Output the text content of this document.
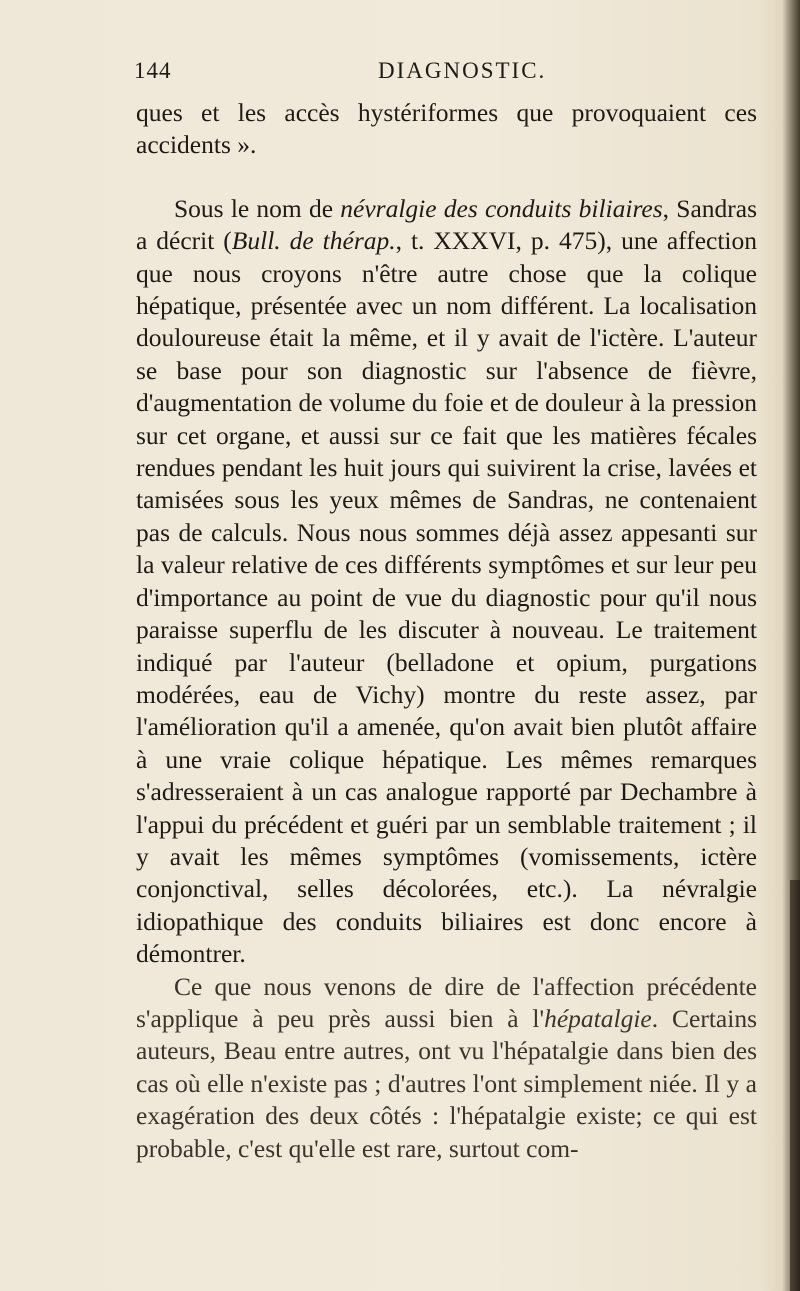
144	DIAGNOSTIC.

ques et les accès hystériformes que provoquaient ces accidents ».

Sous le nom de névralgie des conduits biliaires, Sandras a décrit (Bull. de thérap., t. XXXVI, p. 475), une affection que nous croyons n'être autre chose que la colique hépatique, présentée avec un nom différent. La localisation douloureuse était la même, et il y avait de l'ictère. L'auteur se base pour son diagnostic sur l'absence de fièvre, d'augmentation de volume du foie et de douleur à la pression sur cet organe, et aussi sur ce fait que les matières fécales rendues pendant les huit jours qui suivirent la crise, lavées et tamisées sous les yeux mêmes de Sandras, ne contenaient pas de calculs. Nous nous sommes déjà assez appesanti sur la valeur relative de ces différents symptômes et sur leur peu d'importance au point de vue du diagnostic pour qu'il nous paraisse superflu de les discuter à nouveau. Le traitement indiqué par l'auteur (belladone et opium, purgations modérées, eau de Vichy) montre du reste assez, par l'amélioration qu'il a amenée, qu'on avait bien plutôt affaire à une vraie colique hépatique. Les mêmes remarques s'adresseraient à un cas analogue rapporté par Dechambre à l'appui du précédent et guéri par un semblable traitement ; il y avait les mêmes symptômes (vomissements, ictère conjonctival, selles décolorées, etc.). La névralgie idiopathique des conduits biliaires est donc encore à démontrer.

Ce que nous venons de dire de l'affection précédente s'applique à peu près aussi bien à l'hépatalgie. Certains auteurs, Beau entre autres, ont vu l'hépatalgie dans bien des cas où elle n'existe pas ; d'autres l'ont simplement niée. Il y a exagération des deux côtés : l'hépatalgie existe; ce qui est probable, c'est qu'elle est rare, surtout com-
